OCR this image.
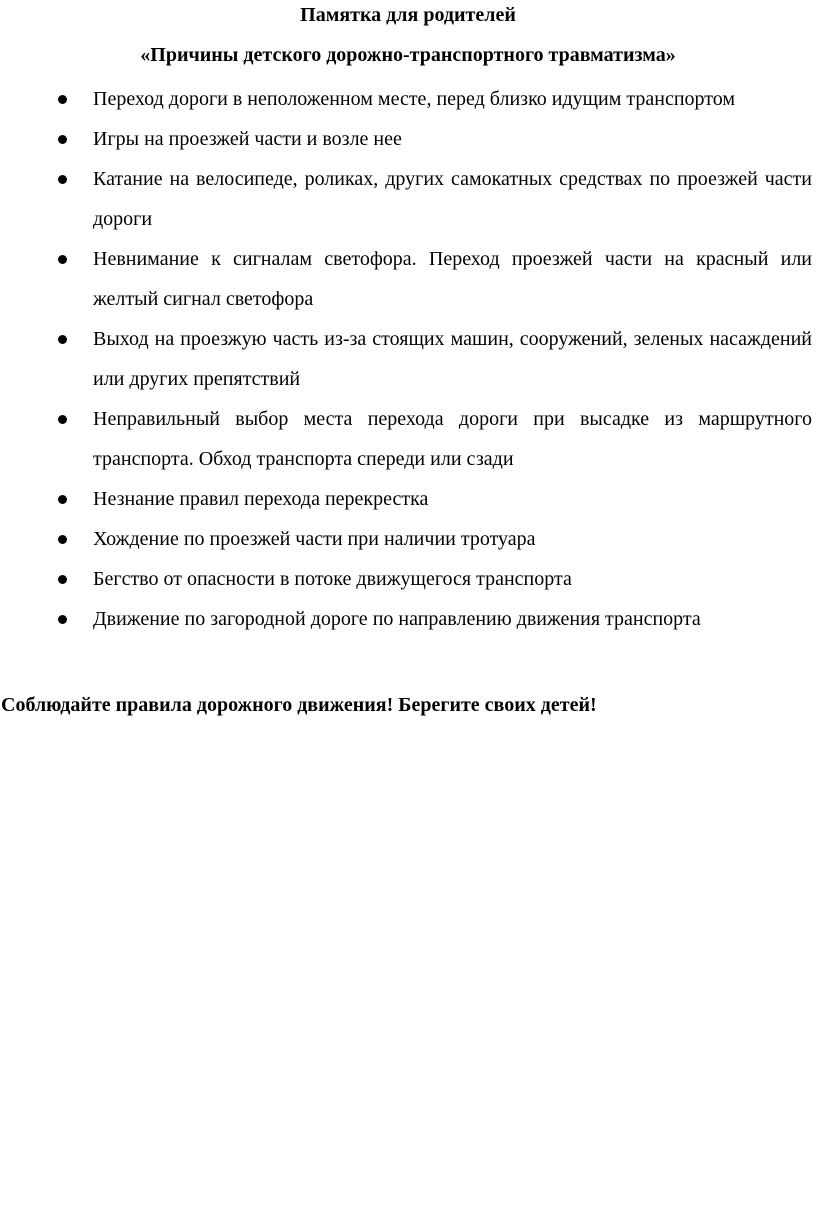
Памятка для родителей
«Причины детского дорожно-транспортного травматизма»
Переход дороги в неположенном месте, перед близко идущим транспортом
Игры на проезжей части и возле нее
Катание на велосипеде, роликах, других самокатных средствах по проезжей части дороги
Невнимание к сигналам светофора. Переход проезжей части на красный или желтый сигнал светофора
Выход на проезжую часть из-за стоящих машин, сооружений, зеленых насаждений или других препятствий
Неправильный выбор места перехода дороги при высадке из маршрутного транспорта. Обход транспорта спереди или сзади
Незнание правил перехода перекрестка
Хождение по проезжей части при наличии тротуара
Бегство от опасности в потоке движущегося транспорта
Движение по загородной дороге по направлению движения транспорта
Соблюдайте правила дорожного движения! Берегите своих детей!
